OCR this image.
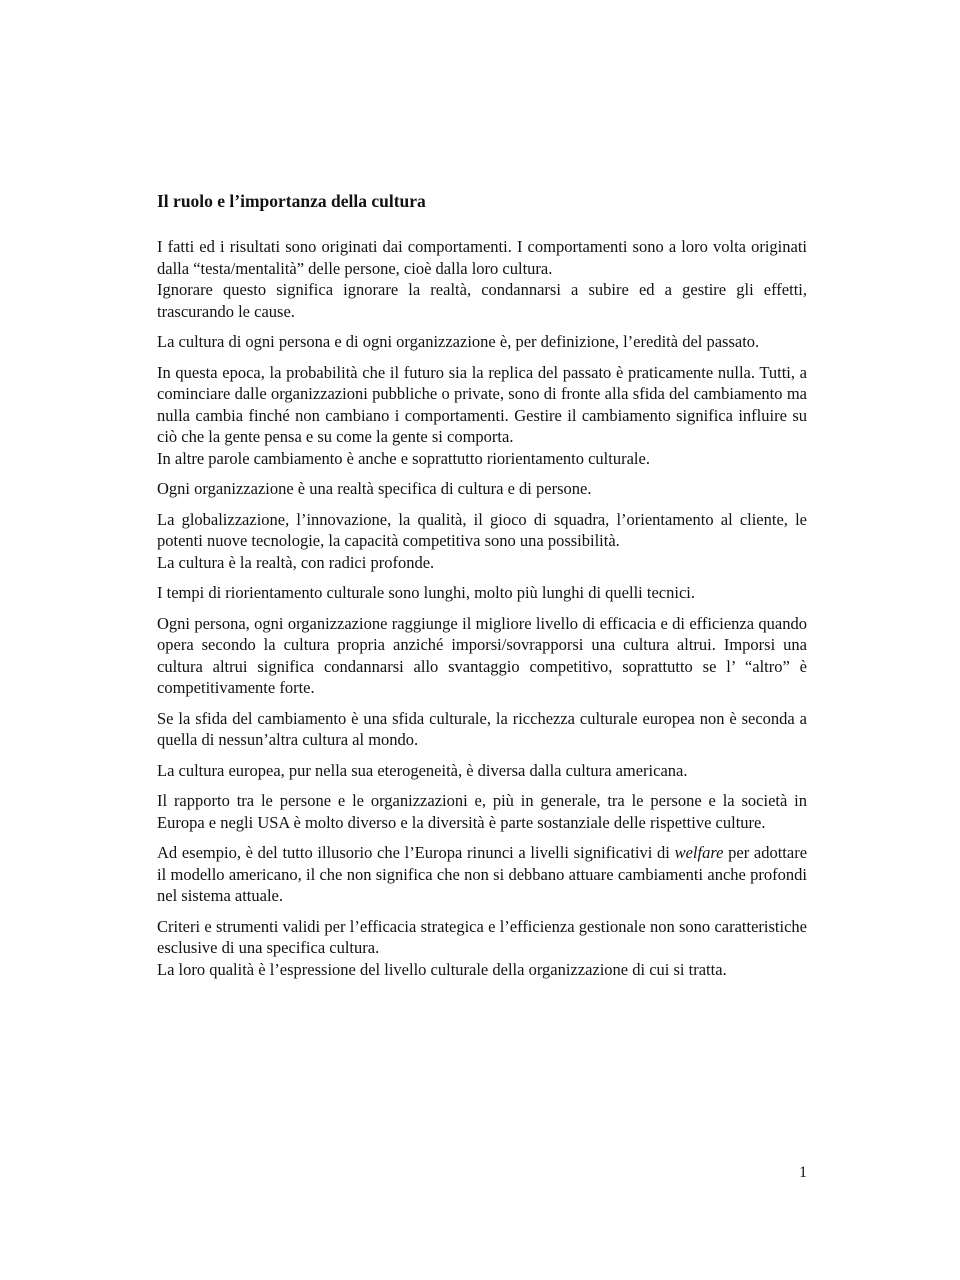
Il ruolo e l’importanza della cultura

I fatti ed i risultati sono originati dai comportamenti. I comportamenti sono a loro volta originati dalla “testa/mentalità” delle persone, cioè dalla loro cultura.
Ignorare questo significa ignorare la realtà, condannarsi a subire ed a gestire gli effetti, trascurando le cause.

La cultura di ogni persona e di ogni organizzazione è, per definizione, l’eredità del passato.

In questa epoca, la probabilità che il futuro sia la replica del passato è praticamente nulla. Tutti, a cominciare dalle organizzazioni pubbliche o private, sono di fronte alla sfida del cambiamento ma nulla cambia finché non cambiano i comportamenti. Gestire il cambiamento significa influire su ciò che la gente pensa e su come la gente si comporta.
In altre parole cambiamento è anche e soprattutto riorientamento culturale.

Ogni organizzazione è una realtà specifica di cultura e di persone.

La globalizzazione, l’innovazione, la qualità, il gioco di squadra, l’orientamento al cliente, le potenti nuove tecnologie, la capacità competitiva sono una possibilità.
La cultura è la realtà, con radici profonde.

I tempi di riorientamento culturale sono lunghi, molto più lunghi di quelli tecnici.

Ogni persona, ogni organizzazione raggiunge il migliore livello di efficacia e di efficienza quando opera secondo la cultura propria anziché imporsi/sovrapporsi una cultura altrui. Imporsi una cultura altrui significa condannarsi allo svantaggio competitivo, soprattutto se l’ “altro” è competitivamente forte.

Se la sfida del cambiamento è una sfida culturale, la ricchezza culturale europea non è seconda a quella di nessun’altra cultura al mondo.

La cultura europea, pur nella sua eterogeneità, è diversa dalla cultura americana.

Il rapporto tra le persone e le organizzazioni e, più in generale, tra le persone e la società in Europa e negli USA è molto diverso e la diversità è parte sostanziale delle rispettive culture.

Ad esempio, è del tutto illusorio che l’Europa rinunci a livelli significativi di welfare per adottare il modello americano, il che non significa che non si debbano attuare cambiamenti anche profondi nel sistema attuale.

Criteri e strumenti validi per l’efficacia strategica e l’efficienza gestionale non sono caratteristiche esclusive di una specifica cultura.
La loro qualità è l’espressione del livello culturale della organizzazione di cui si tratta.

1
